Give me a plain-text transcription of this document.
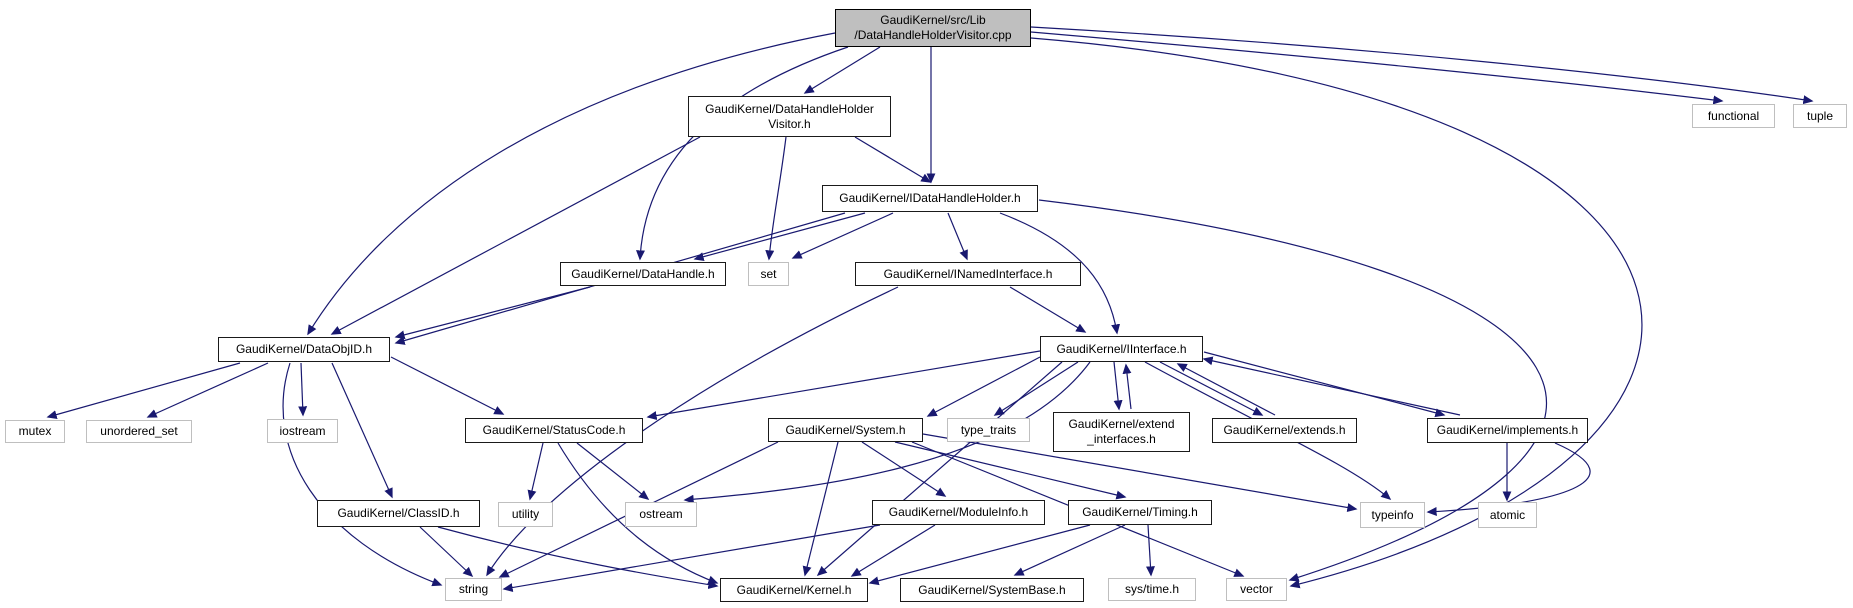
GaudiKernel/src/Lib
/DataHandleHolderVisitor.cpp
GaudiKernel/DataHandleHolder
Visitor.h
GaudiKernel/IDataHandleHolder.h
GaudiKernel/DataHandle.h	set	GaudiKernel/INamedInterface.h
GaudiKernel/DataObjID.h	GaudiKernel/IInterface.h
mutex	unordered_set	iostream	GaudiKernel/StatusCode.h	GaudiKernel/System.h	type_traits	GaudiKernel/extend
_interfaces.h
GaudiKernel/extends.h	GaudiKernel/implements.h
GaudiKernel/ClassID.h	utility	ostream	GaudiKernel/ModuleInfo.h	GaudiKernel/Timing.h	typeinfo	atomic
string	GaudiKernel/Kernel.h	GaudiKernel/SystemBase.h	sys/time.h	vector
functional	tuple
